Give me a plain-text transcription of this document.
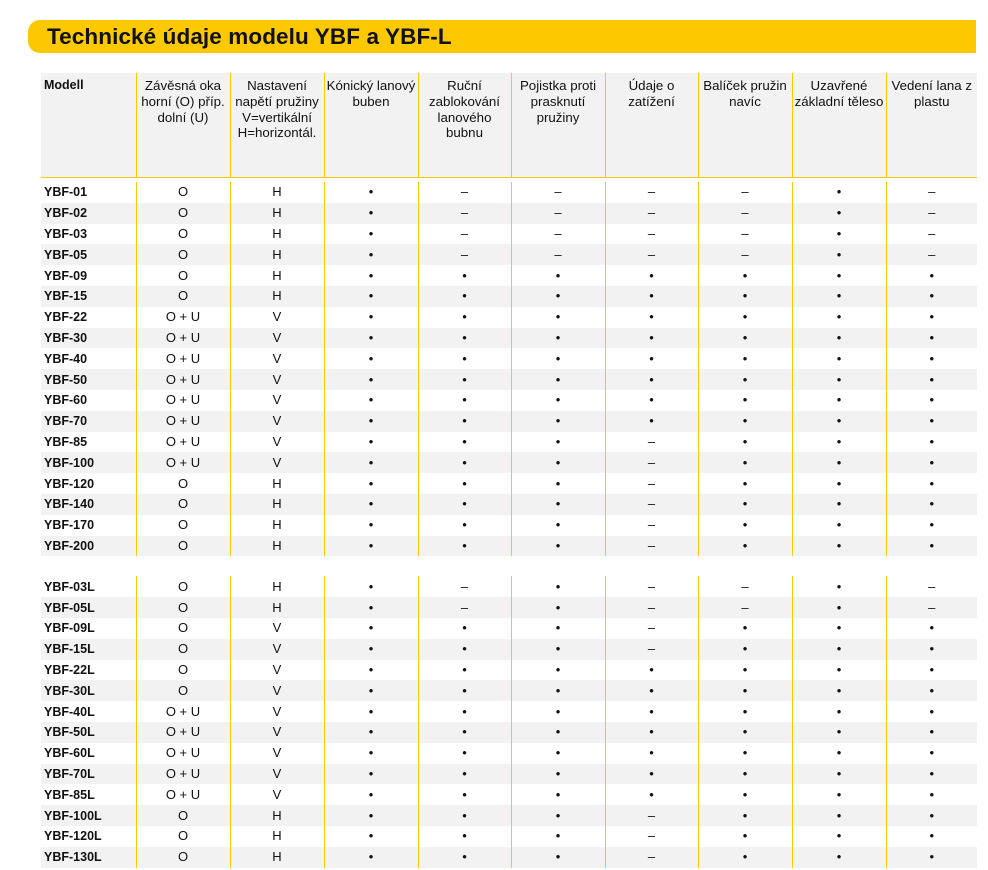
Technické údaje modelu YBF a YBF-L
Modell	Závěsná oka horní (O) příp. dolní (U)	Nastavení napětí pružiny V=vertikální H=horizontál.	Kónický lanový buben	Ruční zablokování lanového bubnu	Pojistka proti prasknutí pružiny	Údaje o zatížení	Balíček pružin navíc	Uzavřené základní těleso	Vedení lana z plastu

YBF-01	O	H	•	–	–	–	–	•	–
YBF-02	O	H	•	–	–	–	–	•	–
YBF-03	O	H	•	–	–	–	–	•	–
YBF-05	O	H	•	–	–	–	–	•	–
YBF-09	O	H	•	•	•	•	•	•	•
YBF-15	O	H	•	•	•	•	•	•	•
YBF-22	O + U	V	•	•	•	•	•	•	•
YBF-30	O + U	V	•	•	•	•	•	•	•
YBF-40	O + U	V	•	•	•	•	•	•	•
YBF-50	O + U	V	•	•	•	•	•	•	•
YBF-60	O + U	V	•	•	•	•	•	•	•
YBF-70	O + U	V	•	•	•	•	•	•	•
YBF-85	O + U	V	•	•	•	–	•	•	•
YBF-100	O + U	V	•	•	•	–	•	•	•
YBF-120	O	H	•	•	•	–	•	•	•
YBF-140	O	H	•	•	•	–	•	•	•
YBF-170	O	H	•	•	•	–	•	•	•
YBF-200	O	H	•	•	•	–	•	•	•

YBF-03L	O	H	•	–	•	–	–	•	–
YBF-05L	O	H	•	–	•	–	–	•	–
YBF-09L	O	V	•	•	•	–	•	•	•
YBF-15L	O	V	•	•	•	–	•	•	•
YBF-22L	O	V	•	•	•	•	•	•	•
YBF-30L	O	V	•	•	•	•	•	•	•
YBF-40L	O + U	V	•	•	•	•	•	•	•
YBF-50L	O + U	V	•	•	•	•	•	•	•
YBF-60L	O + U	V	•	•	•	•	•	•	•
YBF-70L	O + U	V	•	•	•	•	•	•	•
YBF-85L	O + U	V	•	•	•	•	•	•	•
YBF-100L	O	H	•	•	•	–	•	•	•
YBF-120L	O	H	•	•	•	–	•	•	•
YBF-130L	O	H	•	•	•	–	•	•	•
